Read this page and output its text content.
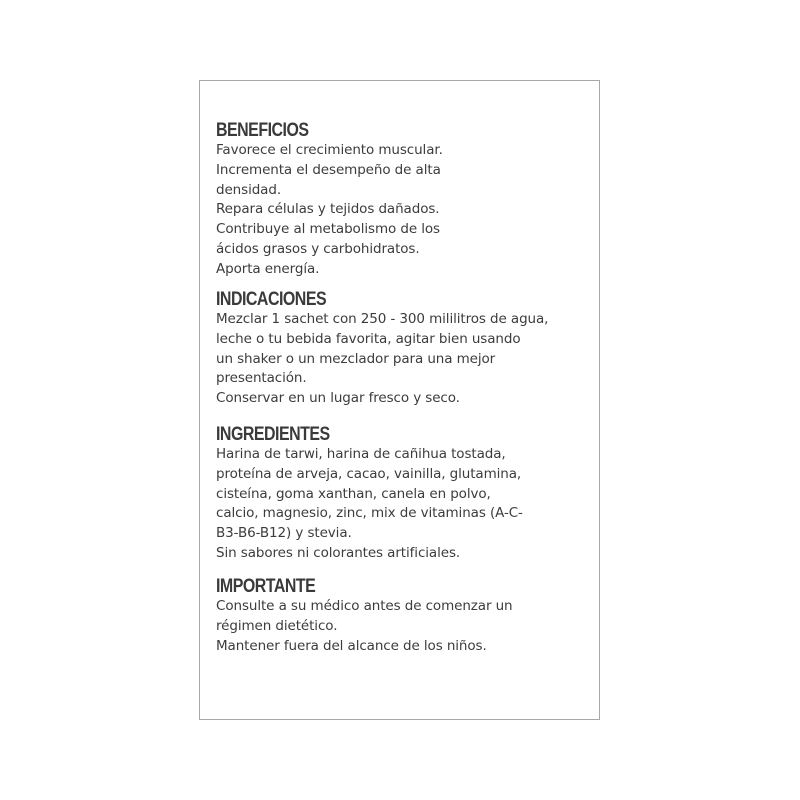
BENEFICIOS
Favorece el crecimiento muscular.
Incrementa el desempeño de alta
densidad.
Repara células y tejidos dañados.
Contribuye al metabolismo de los
ácidos grasos y carbohidratos.
Aporta energía.
INDICACIONES
Mezclar 1 sachet con 250 - 300 mililitros de agua,
leche o tu bebida favorita, agitar bien usando
un shaker o un mezclador para una mejor
presentación.
Conservar en un lugar fresco y seco.
INGREDIENTES
Harina de tarwi, harina de cañihua tostada,
proteína de arveja, cacao, vainilla, glutamina,
cisteína, goma xanthan, canela en polvo,
calcio, magnesio, zinc, mix de vitaminas (A-C-
B3-B6-B12) y stevia.
Sin sabores ni colorantes artificiales.
IMPORTANTE
Consulte a su médico antes de comenzar un
régimen dietético.
Mantener fuera del alcance de los niños.
